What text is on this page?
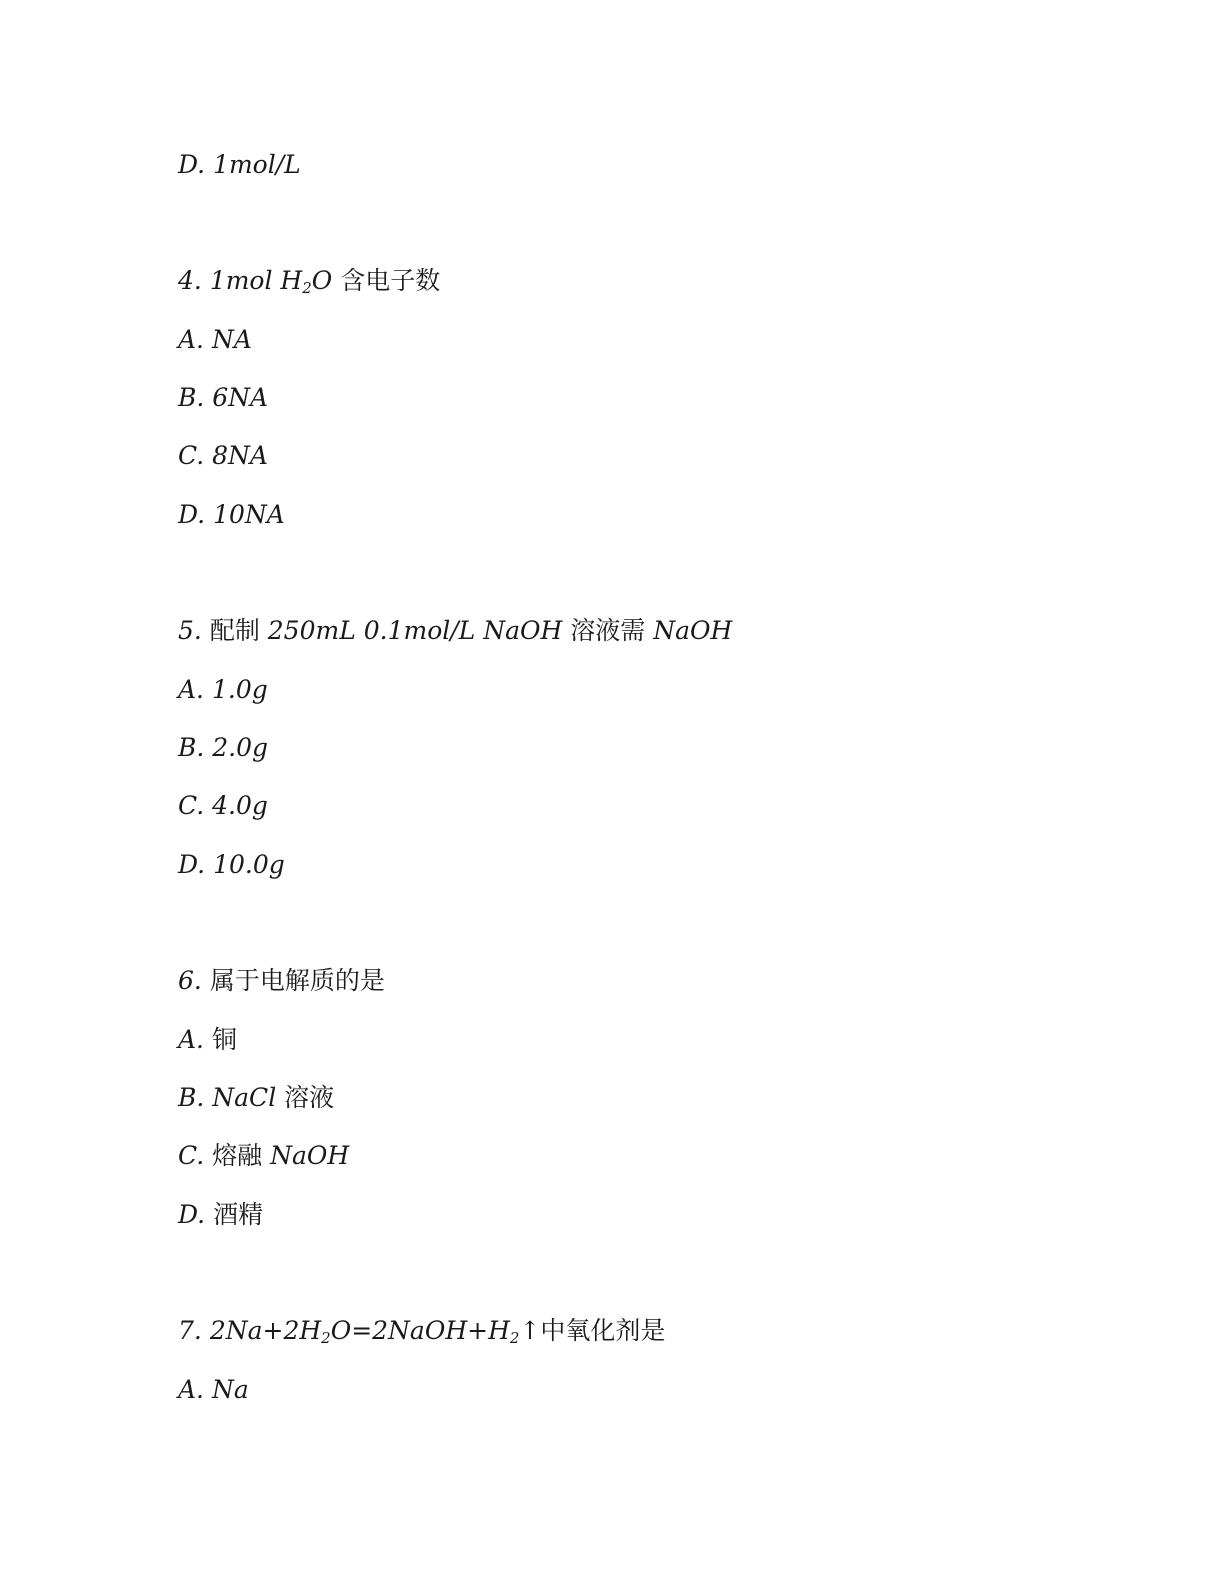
D. 1mol/L
4. 1mol $H_2O$ 含电子数
A. NA
B. 6NA
C. 8NA
D. 10NA
5. 配制 250mL 0.1mol/L NaOH 溶液需 NaOH
A. 1.0g
B. 2.0g
C. 4.0g
D. 10.0g
6. 属于电解质的是
A. 铜
B. NaCl 溶液
C. 熔融 NaOH
D. 酒精
7. $2Na+2H_2O=2NaOH+H_2↑$中氧化剂是
A. Na
